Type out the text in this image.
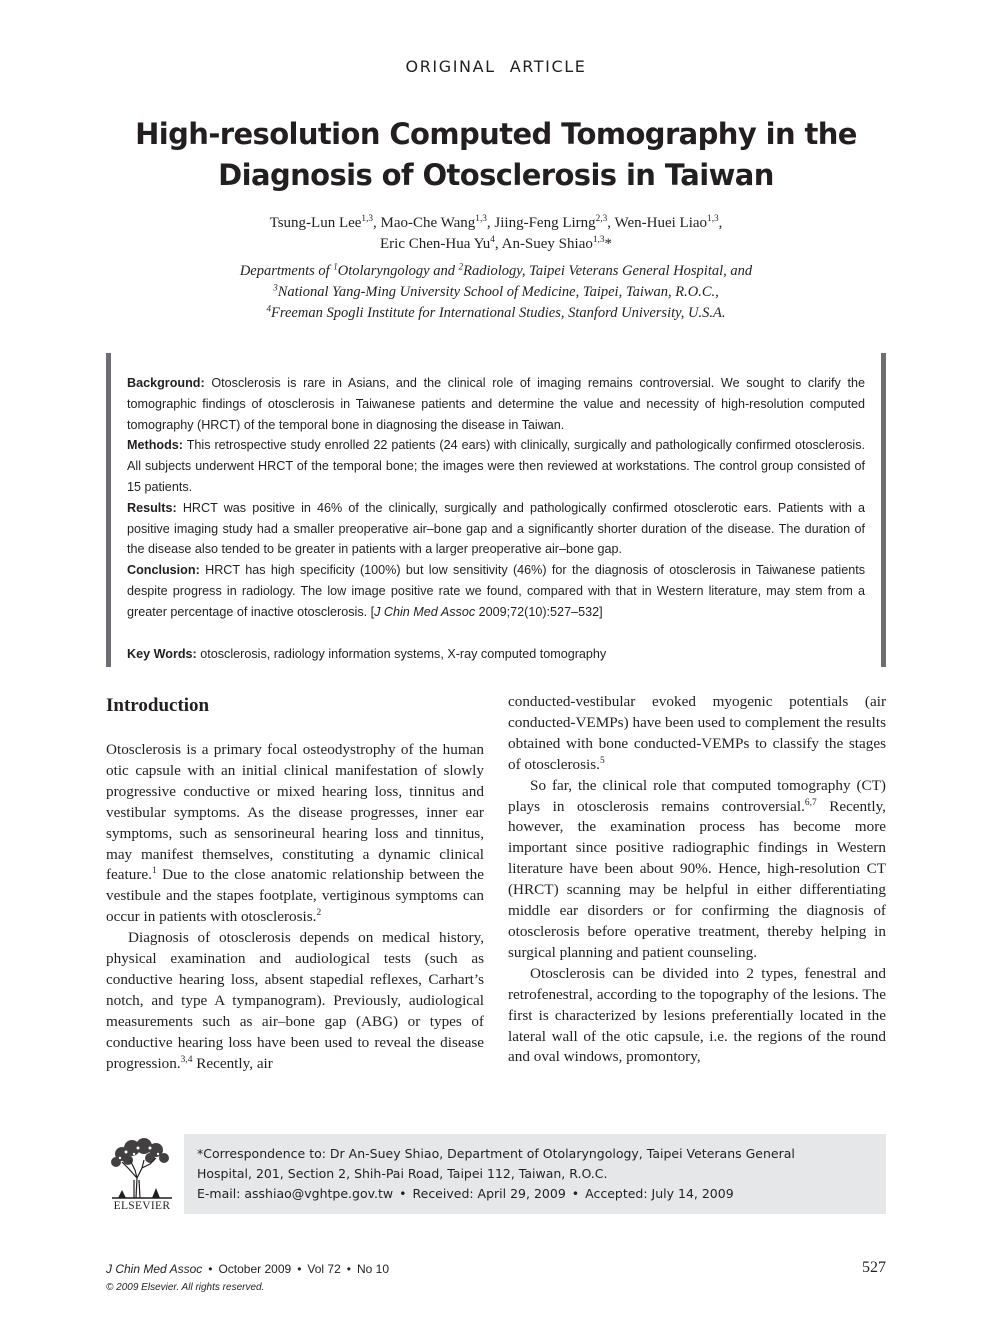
ORIGINAL ARTICLE
High-resolution Computed Tomography in the
Diagnosis of Otosclerosis in Taiwan
Tsung-Lun Lee$^{1,3}$, Mao-Che Wang$^{1,3}$, Jiing-Feng Lirng$^{2,3}$, Wen-Huei Liao$^{1,3}$,
Eric Chen-Hua Yu$^4$, An-Suey Shiao$^{1,3}$*
Departments of $^1$Otolaryngology and $^2$Radiology, Taipei Veterans General Hospital, and
$^3$National Yang-Ming University School of Medicine, Taipei, Taiwan, R.O.C.,
$^4$Freeman Spogli Institute for International Studies, Stanford University, U.S.A.

Background: Otosclerosis is rare in Asians, and the clinical role of imaging remains controversial. We sought to clarify the tomographic findings of otosclerosis in Taiwanese patients and determine the value and necessity of high-resolution computed tomography (HRCT) of the temporal bone in diagnosing the disease in Taiwan.

Methods: This retrospective study enrolled 22 patients (24 ears) with clinically, surgically and pathologically confirmed otosclerosis. All subjects underwent HRCT of the temporal bone; the images were then reviewed at workstations. The control group consisted of 15 patients.

Results: HRCT was positive in 46% of the clinically, surgically and pathologically confirmed otosclerotic ears. Patients with a positive imaging study had a smaller preoperative air–bone gap and a significantly shorter duration of the disease. The duration of the disease also tended to be greater in patients with a larger preoperative air–bone gap.

Conclusion: HRCT has high specificity (100%) but low sensitivity (46%) for the diagnosis of otosclerosis in Taiwanese patients despite progress in radiology. The low image positive rate we found, compared with that in Western literature, may stem from a greater percentage of inactive otosclerosis. [J Chin Med Assoc 2009;72(10):527–532]

Key Words: otosclerosis, radiology information systems, X-ray computed tomography

Introduction

Otosclerosis is a primary focal osteodystrophy of the human otic capsule with an initial clinical manifestation of slowly progressive conductive or mixed hearing loss, tinnitus and vestibular symptoms. As the disease progresses, inner ear symptoms, such as sensorineural hearing loss and tinnitus, may manifest themselves, constituting a dynamic clinical feature.$^1$ Due to the close anatomic relationship between the vestibule and the stapes footplate, vertiginous symptoms can occur in patients with otosclerosis.$^2$

Diagnosis of otosclerosis depends on medical history, physical examination and audiological tests (such as conductive hearing loss, absent stapedial reflexes, Carhart’s notch, and type A tympanogram). Previously, audiological measurements such as air–bone gap (ABG) or types of conductive hearing loss have been used to reveal the disease progression.$^{3,4}$ Recently, air

conducted-vestibular evoked myogenic potentials (air conducted-VEMPs) have been used to complement the results obtained with bone conducted-VEMPs to classify the stages of otosclerosis.$^5$

So far, the clinical role that computed tomography (CT) plays in otosclerosis remains controversial.$^{6,7}$ Recently, however, the examination process has become more important since positive radiographic findings in Western literature have been about 90%. Hence, high-resolution CT (HRCT) scanning may be helpful in either differentiating middle ear disorders or for confirming the diagnosis of otosclerosis before operative treatment, thereby helping in surgical planning and patient counseling.

Otosclerosis can be divided into 2 types, fenestral and retrofenestral, according to the topography of the lesions. The first is characterized by lesions preferentially located in the lateral wall of the otic capsule, i.e. the regions of the round and oval windows, promontory,

ELSEVIER
*Correspondence to: Dr An-Suey Shiao, Department of Otolaryngology, Taipei Veterans General
Hospital, 201, Section 2, Shih-Pai Road, Taipei 112, Taiwan, R.O.C.
E-mail: asshiao@vghtpe.gov.tw • Received: April 29, 2009 • Accepted: July 14, 2009
J Chin Med Assoc • October 2009 • Vol 72 • No 10
© 2009 Elsevier. All rights reserved.
527
